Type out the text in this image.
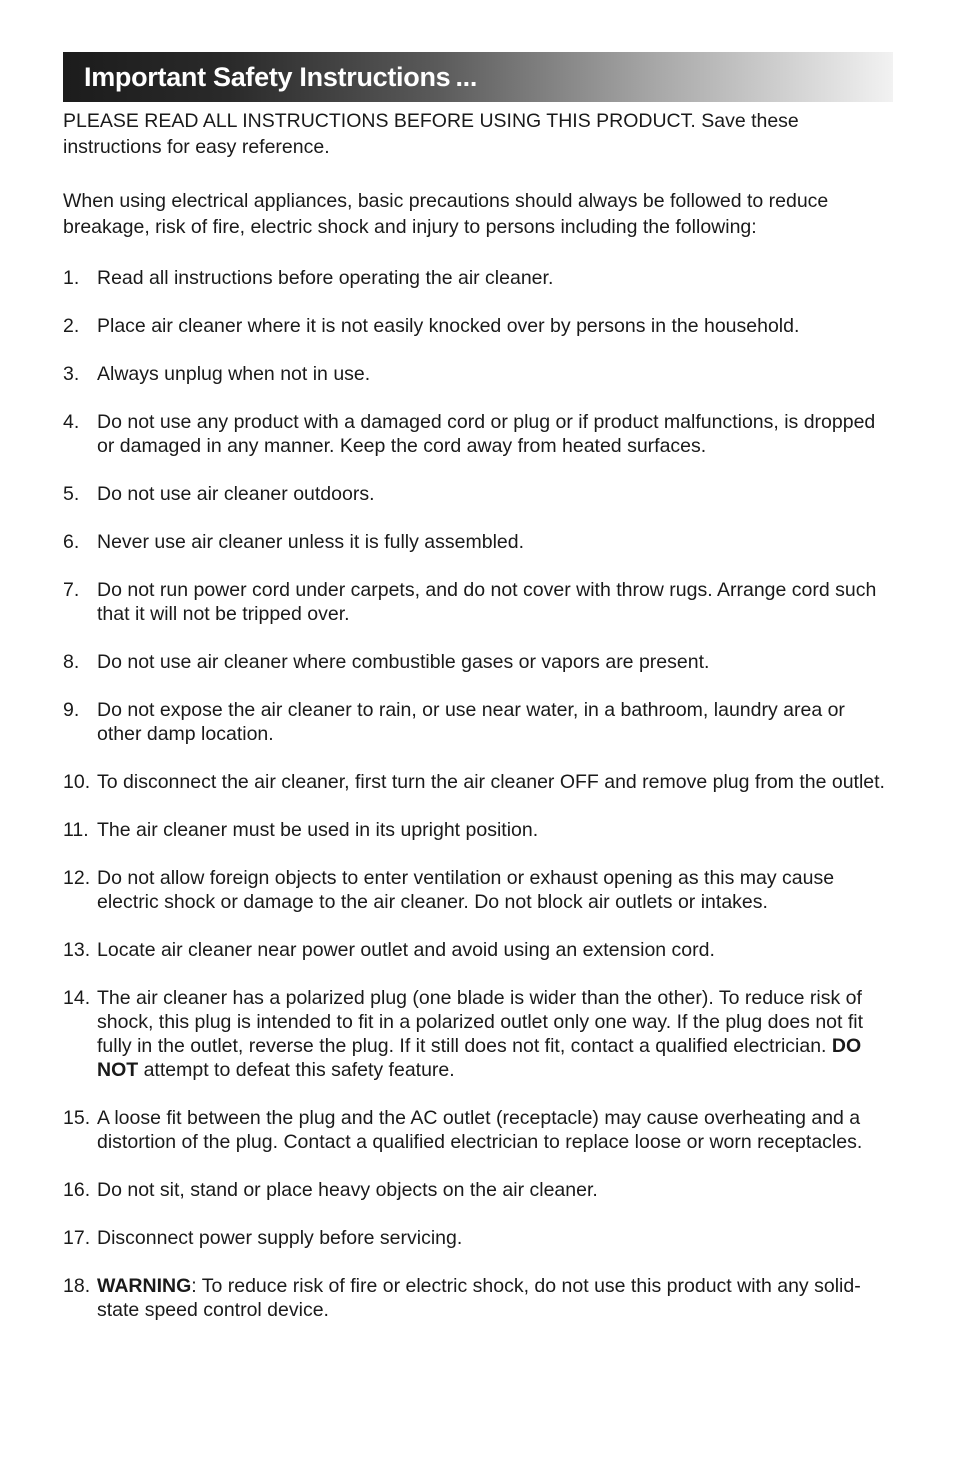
Important Safety Instructions ...

PLEASE READ ALL INSTRUCTIONS BEFORE USING THIS PRODUCT. Save these instructions for easy reference.

When using electrical appliances, basic precautions should always be followed to reduce breakage, risk of fire, electric shock and injury to persons including the following:

1. Read all instructions before operating the air cleaner.
2. Place air cleaner where it is not easily knocked over by persons in the household.
3. Always unplug when not in use.
4. Do not use any product with a damaged cord or plug or if product malfunctions, is dropped or damaged in any manner. Keep the cord away from heated surfaces.
5. Do not use air cleaner outdoors.
6. Never use air cleaner unless it is fully assembled.
7. Do not run power cord under carpets, and do not cover with throw rugs. Arrange cord such that it will not be tripped over.
8. Do not use air cleaner where combustible gases or vapors are present.
9. Do not expose the air cleaner to rain, or use near water, in a bathroom, laundry area or other damp location.
10. To disconnect the air cleaner, first turn the air cleaner OFF and remove plug from the outlet.
11. The air cleaner must be used in its upright position.
12. Do not allow foreign objects to enter ventilation or exhaust opening as this may cause electric shock or damage to the air cleaner. Do not block air outlets or intakes.
13. Locate air cleaner near power outlet and avoid using an extension cord.
14. The air cleaner has a polarized plug (one blade is wider than the other). To reduce risk of shock, this plug is intended to fit in a polarized outlet only one way. If the plug does not fit fully in the outlet, reverse the plug. If it still does not fit, contact a qualified electrician. DO NOT attempt to defeat this safety feature.
15. A loose fit between the plug and the AC outlet (receptacle) may cause overheating and a distortion of the plug. Contact a qualified electrician to replace loose or worn receptacles.
16. Do not sit, stand or place heavy objects on the air cleaner.
17. Disconnect power supply before servicing.
18. WARNING: To reduce risk of fire or electric shock, do not use this product with any solid-state speed control device.
